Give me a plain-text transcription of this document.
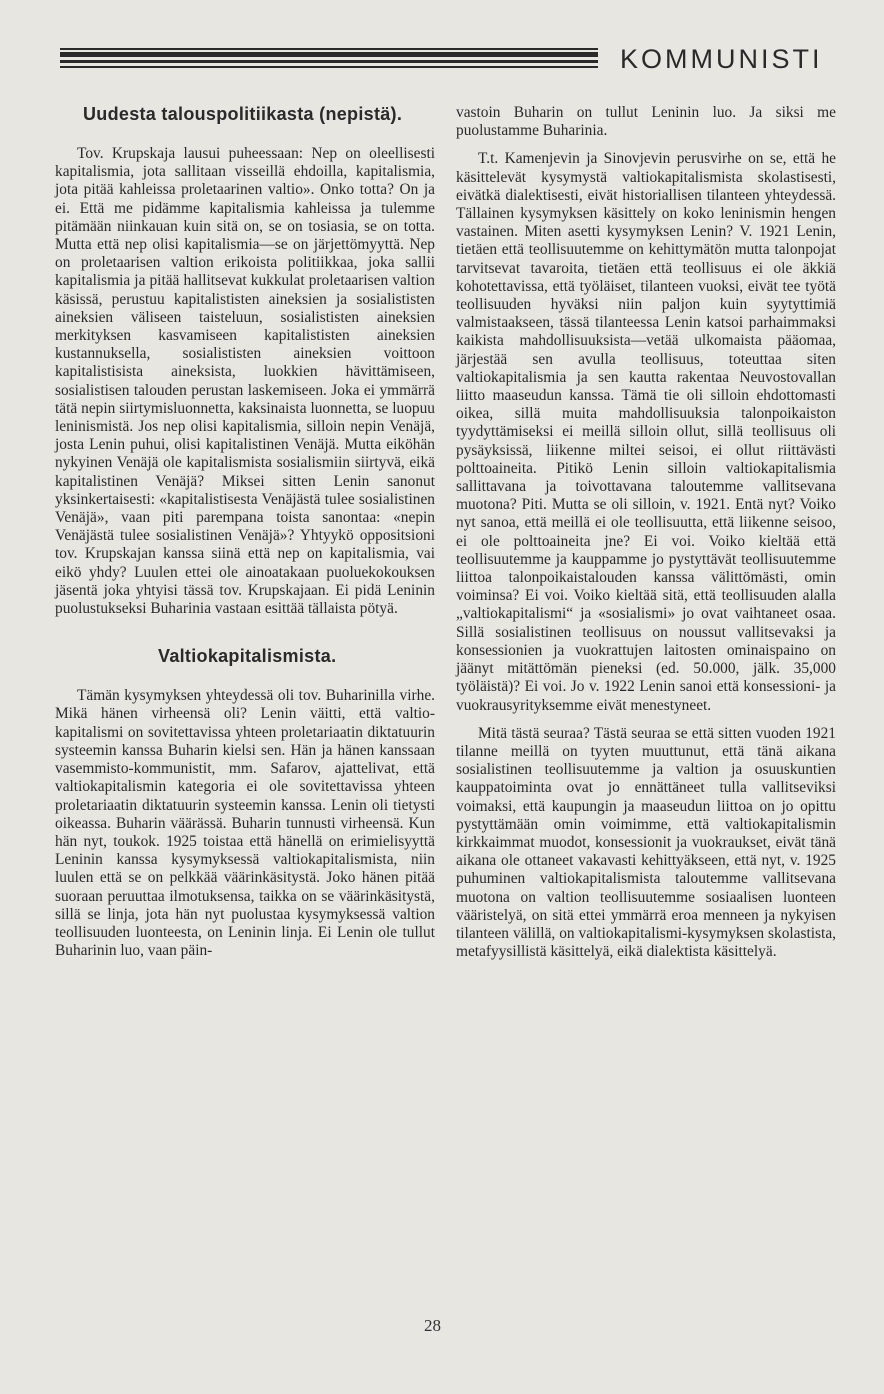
KOMMUNISTI
Uudesta talouspolitiikasta (nepistä).

Tov. Krupskaja lausui puheessaan: Nep on oleellisesti kapitalismia, jota sallitaan visseillä ehdoilla, kapitalismia, jota pitää kahleissa proletaarinen valtio». Onko totta? On ja ei. Että me pidämme kapitalismia kahleissa ja tulemme pitämään niinkauan kuin sitä on, se on tosiasia, se on totta. Mutta että nep olisi kapitalismia—se on järjettömyyttä. Nep on proletaarisen valtion erikoista politiikkaa, joka sallii kapitalismia ja pitää hallitsevat kukkulat proletaarisen valtion käsissä, perustuu kapitalististen aineksien ja sosialististen aineksien väliseen taisteluun, sosialististen aineksien merkityksen kasvamiseen kapitalististen aineksien kustannuksella, sosialististen aineksien voittoon kapitalistisista aineksista, luokkien hävittämiseen, sosialistisen talouden perustan laskemiseen. Joka ei ymmärrä tätä nepin siirtymisluonnetta, kaksinaista luonnetta, se luopuu leninismistä. Jos nep olisi kapitalismia, silloin nepin Venäjä, josta Lenin puhui, olisi kapitalistinen Venäjä. Mutta eiköhän nykyinen Venäjä ole kapitalismista sosialismiin siirtyvä, eikä kapitalistinen Venäjä? Miksei sitten Lenin sanonut yksinkertaisesti: «kapitalistisesta Venäjästä tulee sosialistinen Venäjä», vaan piti parempana toista sanontaa: «nepin Venäjästä tulee sosialistinen Venäjä»? Yhtyykö oppositsioni tov. Krupskajan kanssa siinä että nep on kapitalismia, vai eikö yhdy? Luulen ettei ole ainoatakaan puoluekokouksen jäsentä joka yhtyisi tässä tov. Krupskajaan. Ei pidä Leninin puolustukseksi Buharinia vastaan esittää tällaista pötyä.

Valtiokapitalismista.

Tämän kysymyksen yhteydessä oli tov. Buharinilla virhe. Mikä hänen virheensä oli? Lenin väitti, että valtio- kapitalismi on sovitettavissa yhteen proletariaatin diktatuurin systeemin kanssa Buharin kielsi sen. Hän ja hänen kanssaan vasemmisto-kommunistit, mm. Safarov, ajattelivat, että valtiokapitalismin kategoria ei ole sovitettavissa yhteen proletariaatin diktatuurin systeemin kanssa. Lenin oli tietysti oikeassa. Buharin väärässä. Buharin tunnusti virheensä. Kun hän nyt, toukok. 1925 toistaa että hänellä on erimielisyyttä Leninin kanssa kysymyksessä valtiokapitalismista, niin luulen että se on pelkkää väärinkäsitystä. Joko hänen pitää suoraan peruuttaa ilmotuksensa, taikka on se väärinkäsitystä, sillä se linja, jota hän nyt puolustaa kysymyksessä valtion teollisuuden luonteesta, on Leninin linja. Ei Lenin ole tullut Buharinin luo, vaan päin-

vastoin Buharin on tullut Leninin luo. Ja siksi me puolustamme Buharinia.

T.t. Kamenjevin ja Sinovjevin perusvirhe on se, että he käsittelevät kysymystä valtiokapitalismista skolastisesti, eivätkä dialektisesti, eivät historiallisen tilanteen yhteydessä. Tällainen kysymyksen käsittely on koko leninismin hengen vastainen. Miten asetti kysymyksen Lenin? V. 1921 Lenin, tietäen että teollisuutemme on kehittymätön mutta talonpojat tarvitsevat tavaroita, tietäen että teollisuus ei ole äkkiä kohotettavissa, että työläiset, tilanteen vuoksi, eivät tee työtä teollisuuden hyväksi niin paljon kuin syytyttimiä valmistaakseen, tässä tilanteessa Lenin katsoi parhaimmaksi kaikista mahdollisuuksista—vetää ulkomaista pääomaa, järjestää sen avulla teollisuus, toteuttaa siten valtiokapitalismia ja sen kautta rakentaa Neuvostovallan liitto maaseudun kanssa. Tämä tie oli silloin ehdottomasti oikea, sillä muita mahdollisuuksia talonpoikaiston tyydyttämiseksi ei meillä silloin ollut, sillä teollisuus oli pysäyksissä, liikenne miltei seisoi, ei ollut riittävästi polttoaineita. Pitikö Lenin silloin valtiokapitalismia sallittavana ja toivottavana taloutemme vallitsevana muotona? Piti. Mutta se oli silloin, v. 1921. Entä nyt? Voiko nyt sanoa, että meillä ei ole teollisuutta, että liikenne seisoo, ei ole polttoaineita jne? Ei voi. Voiko kieltää että teollisuutemme ja kauppamme jo pystyttävät teollisuutemme liittoa talonpoikaistalouden kanssa välittömästi, omin voiminsa? Ei voi. Voiko kieltää sitä, että teollisuuden alalla „valtiokapitalismi“ ja «sosialismi» jo ovat vaihtaneet osaa. Sillä sosialistinen teollisuus on noussut vallitsevaksi ja konsessionien ja vuokrattujen laitosten ominaispaino on jäänyt mitättömän pieneksi (ed. 50.000, jälk. 35,000 työläistä)? Ei voi. Jo v. 1922 Lenin sanoi että konsessioni- ja vuokrausyrityksemme eivät menestyneet.

Mitä tästä seuraa? Tästä seuraa se että sitten vuoden 1921 tilanne meillä on tyyten muuttunut, että tänä aikana sosialistinen teollisuutemme ja valtion ja osuuskuntien kauppatoiminta ovat jo ennättäneet tulla vallitseviksi voimaksi, että kaupungin ja maaseudun liittoa on jo opittu pystyttämään omin voimimme, että valtiokapitalismin kirkkaimmat muodot, konsessionit ja vuokraukset, eivät tänä aikana ole ottaneet vakavasti kehittyäkseen, että nyt, v. 1925 puhuminen valtiokapitalismista taloutemme vallitsevana muotona on valtion teollisuutemme sosiaalisen luonteen vääristelyä, on sitä ettei ymmärrä eroa menneen ja nykyisen tilanteen välillä, on valtiokapitalismi-kysymyksen skolastista, metafyysillistä käsittelyä, eikä dialektista käsittelyä.

28
